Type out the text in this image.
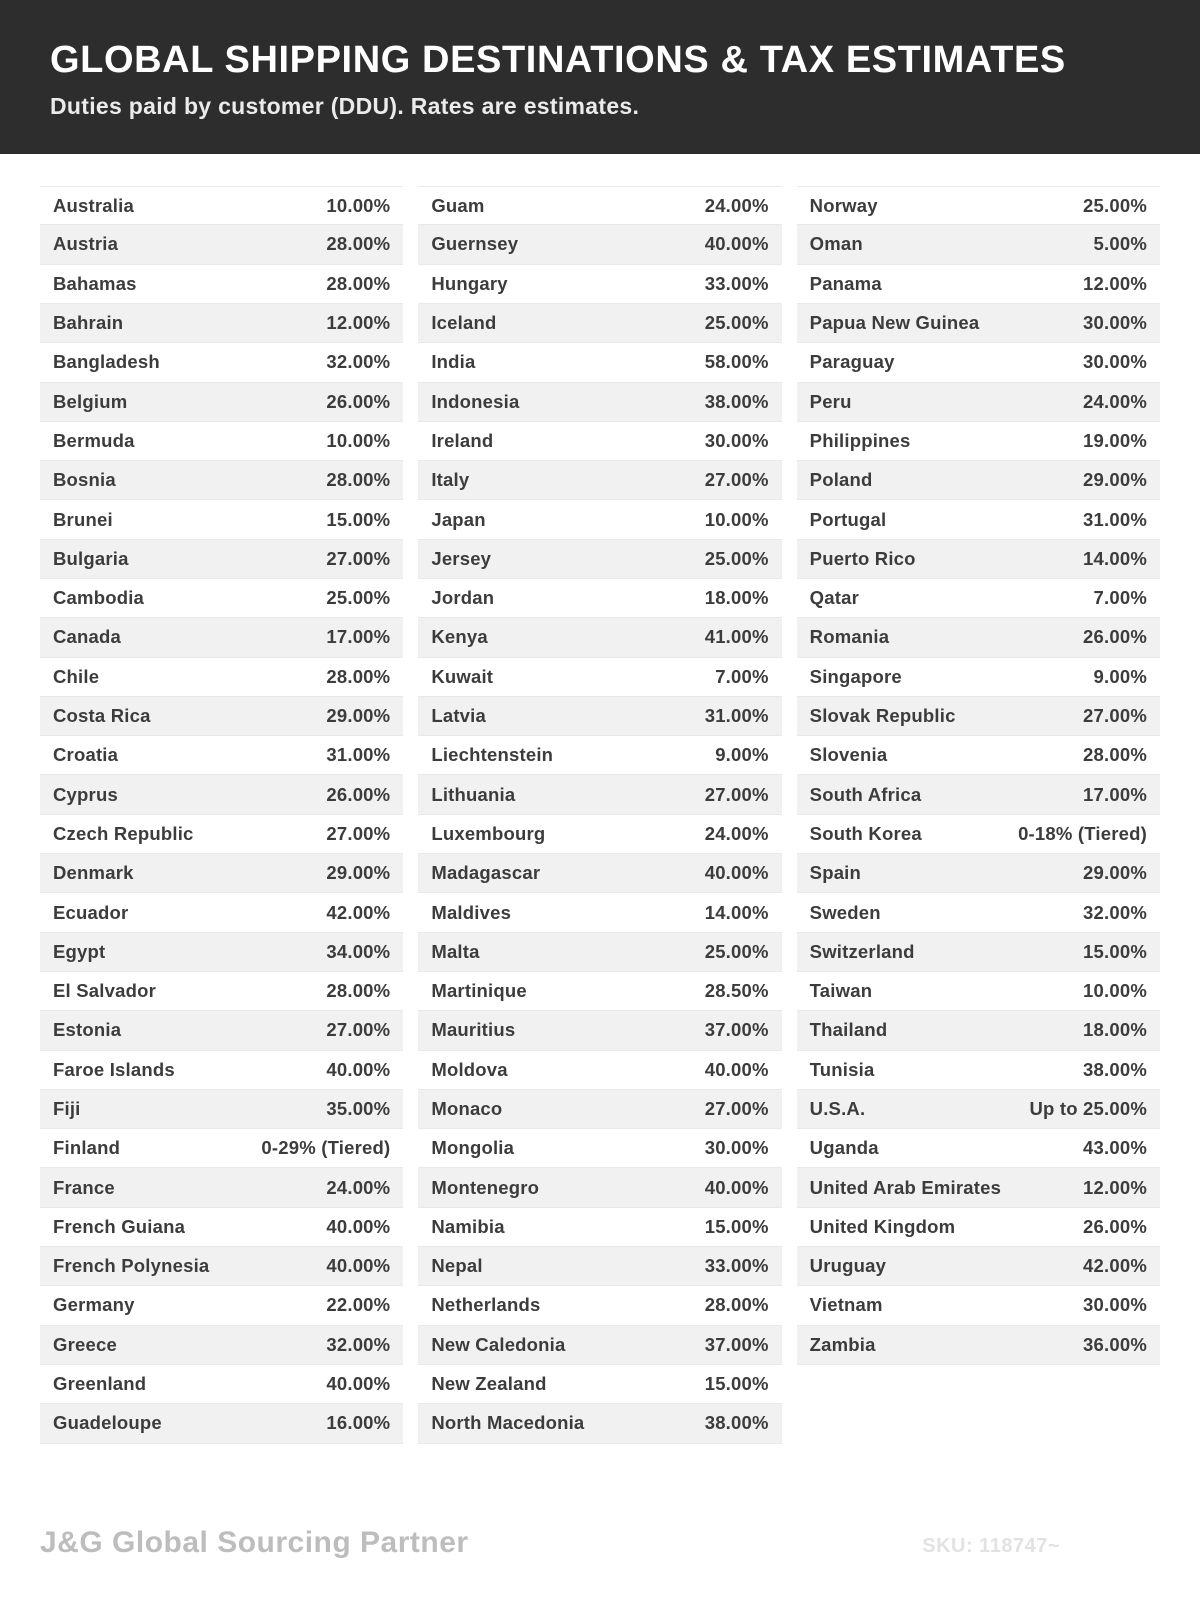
GLOBAL SHIPPING DESTINATIONS & TAX ESTIMATES

Duties paid by customer (DDU). Rates are estimates.

Australia	10.00%
Austria	28.00%
Bahamas	28.00%
Bahrain	12.00%
Bangladesh	32.00%
Belgium	26.00%
Bermuda	10.00%
Bosnia	28.00%
Brunei	15.00%
Bulgaria	27.00%
Cambodia	25.00%
Canada	17.00%
Chile	28.00%
Costa Rica	29.00%
Croatia	31.00%
Cyprus	26.00%
Czech Republic	27.00%
Denmark	29.00%
Ecuador	42.00%
Egypt	34.00%
El Salvador	28.00%
Estonia	27.00%
Faroe Islands	40.00%
Fiji	35.00%
Finland	0-29% (Tiered)
France	24.00%
French Guiana	40.00%
French Polynesia	40.00%
Germany	22.00%
Greece	32.00%
Greenland	40.00%
Guadeloupe	16.00%
Guam	24.00%
Guernsey	40.00%
Hungary	33.00%
Iceland	25.00%
India	58.00%
Indonesia	38.00%
Ireland	30.00%
Italy	27.00%
Japan	10.00%
Jersey	25.00%
Jordan	18.00%
Kenya	41.00%
Kuwait	7.00%
Latvia	31.00%
Liechtenstein	9.00%
Lithuania	27.00%
Luxembourg	24.00%
Madagascar	40.00%
Maldives	14.00%
Malta	25.00%
Martinique	28.50%
Mauritius	37.00%
Moldova	40.00%
Monaco	27.00%
Mongolia	30.00%
Montenegro	40.00%
Namibia	15.00%
Nepal	33.00%
Netherlands	28.00%
New Caledonia	37.00%
New Zealand	15.00%
North Macedonia	38.00%
Norway	25.00%
Oman	5.00%
Panama	12.00%
Papua New Guinea	30.00%
Paraguay	30.00%
Peru	24.00%
Philippines	19.00%
Poland	29.00%
Portugal	31.00%
Puerto Rico	14.00%
Qatar	7.00%
Romania	26.00%
Singapore	9.00%
Slovak Republic	27.00%
Slovenia	28.00%
South Africa	17.00%
South Korea	0-18% (Tiered)
Spain	29.00%
Sweden	32.00%
Switzerland	15.00%
Taiwan	10.00%
Thailand	18.00%
Tunisia	38.00%
U.S.A.	Up to 25.00%
Uganda	43.00%
United Arab Emirates	12.00%
United Kingdom	26.00%
Uruguay	42.00%
Vietnam	30.00%
Zambia	36.00%
J&G Global Sourcing Partner	SKU: 118747~
